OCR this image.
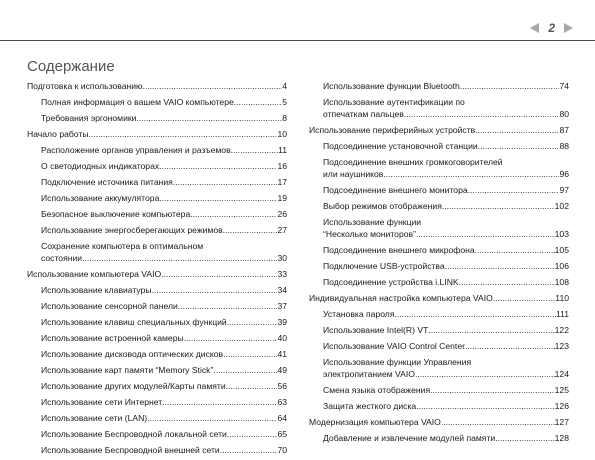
2
Содержание
Подготовка к использованию .....	4
Полная информация о вашем VAIO компьютере .....	5
Требования эргономики .....	8
Начало работы .....	10
Расположение органов управления и разъемов .....	11
О светодиодных индикаторах .....	16
Подключение источника питания .....	17
Использование аккумулятора .....	19
Безопасное выключение компьютера .....	26
Использование энергосберегающих режимов .....	27
Сохранение компьютера в оптимальном
состоянии .....	30
Использование компьютера VAIO .....	33
Использование клавиатуры .....	34
Использование сенсорной панели .....	37
Использование клавиш специальных функций .....	39
Использование встроенной камеры .....	40
Использование дисковода оптических дисков .....	41
Использование карт памяти “Memory Stick” .....	49
Использование других модулей/Карты памяти .....	56
Использование сети Интернет .....	63
Использование сети (LAN) .....	64
Использование Беспроводной локальной сети .....	65
Использование Беспроводной внешней сети .....	70
Использование функции Bluetooth .....	74
Использование аутентификации по
отпечаткам пальцев .....	80
Использование периферийных устройств .....	87
Подсоединение установочной станции .....	88
Подсоединение внешних громкоговорителей
или наушников .....	96
Подсоединение внешнего монитора .....	97
Выбор режимов отображения .....	102
Использование функции
“Несколько мониторов” .....	103
Подсоединение внешнего микрофона .....	105
Подключение USB-устройства .....	106
Подсоединение устройства i.LINK .....	108
Индивидуальная настройка компьютера VAIO .....	110
Установка пароля .....	111
Использование Intel(R) VT .....	122
Использование VAIO Control Center .....	123
Использование функции Управления
электропитанием VAIO .....	124
Смена языка отображения .....	125
Защита жесткого диска .....	126
Модернизация компьютера VAIO .....	127
Добавление и извлечение модулей памяти .....	128
